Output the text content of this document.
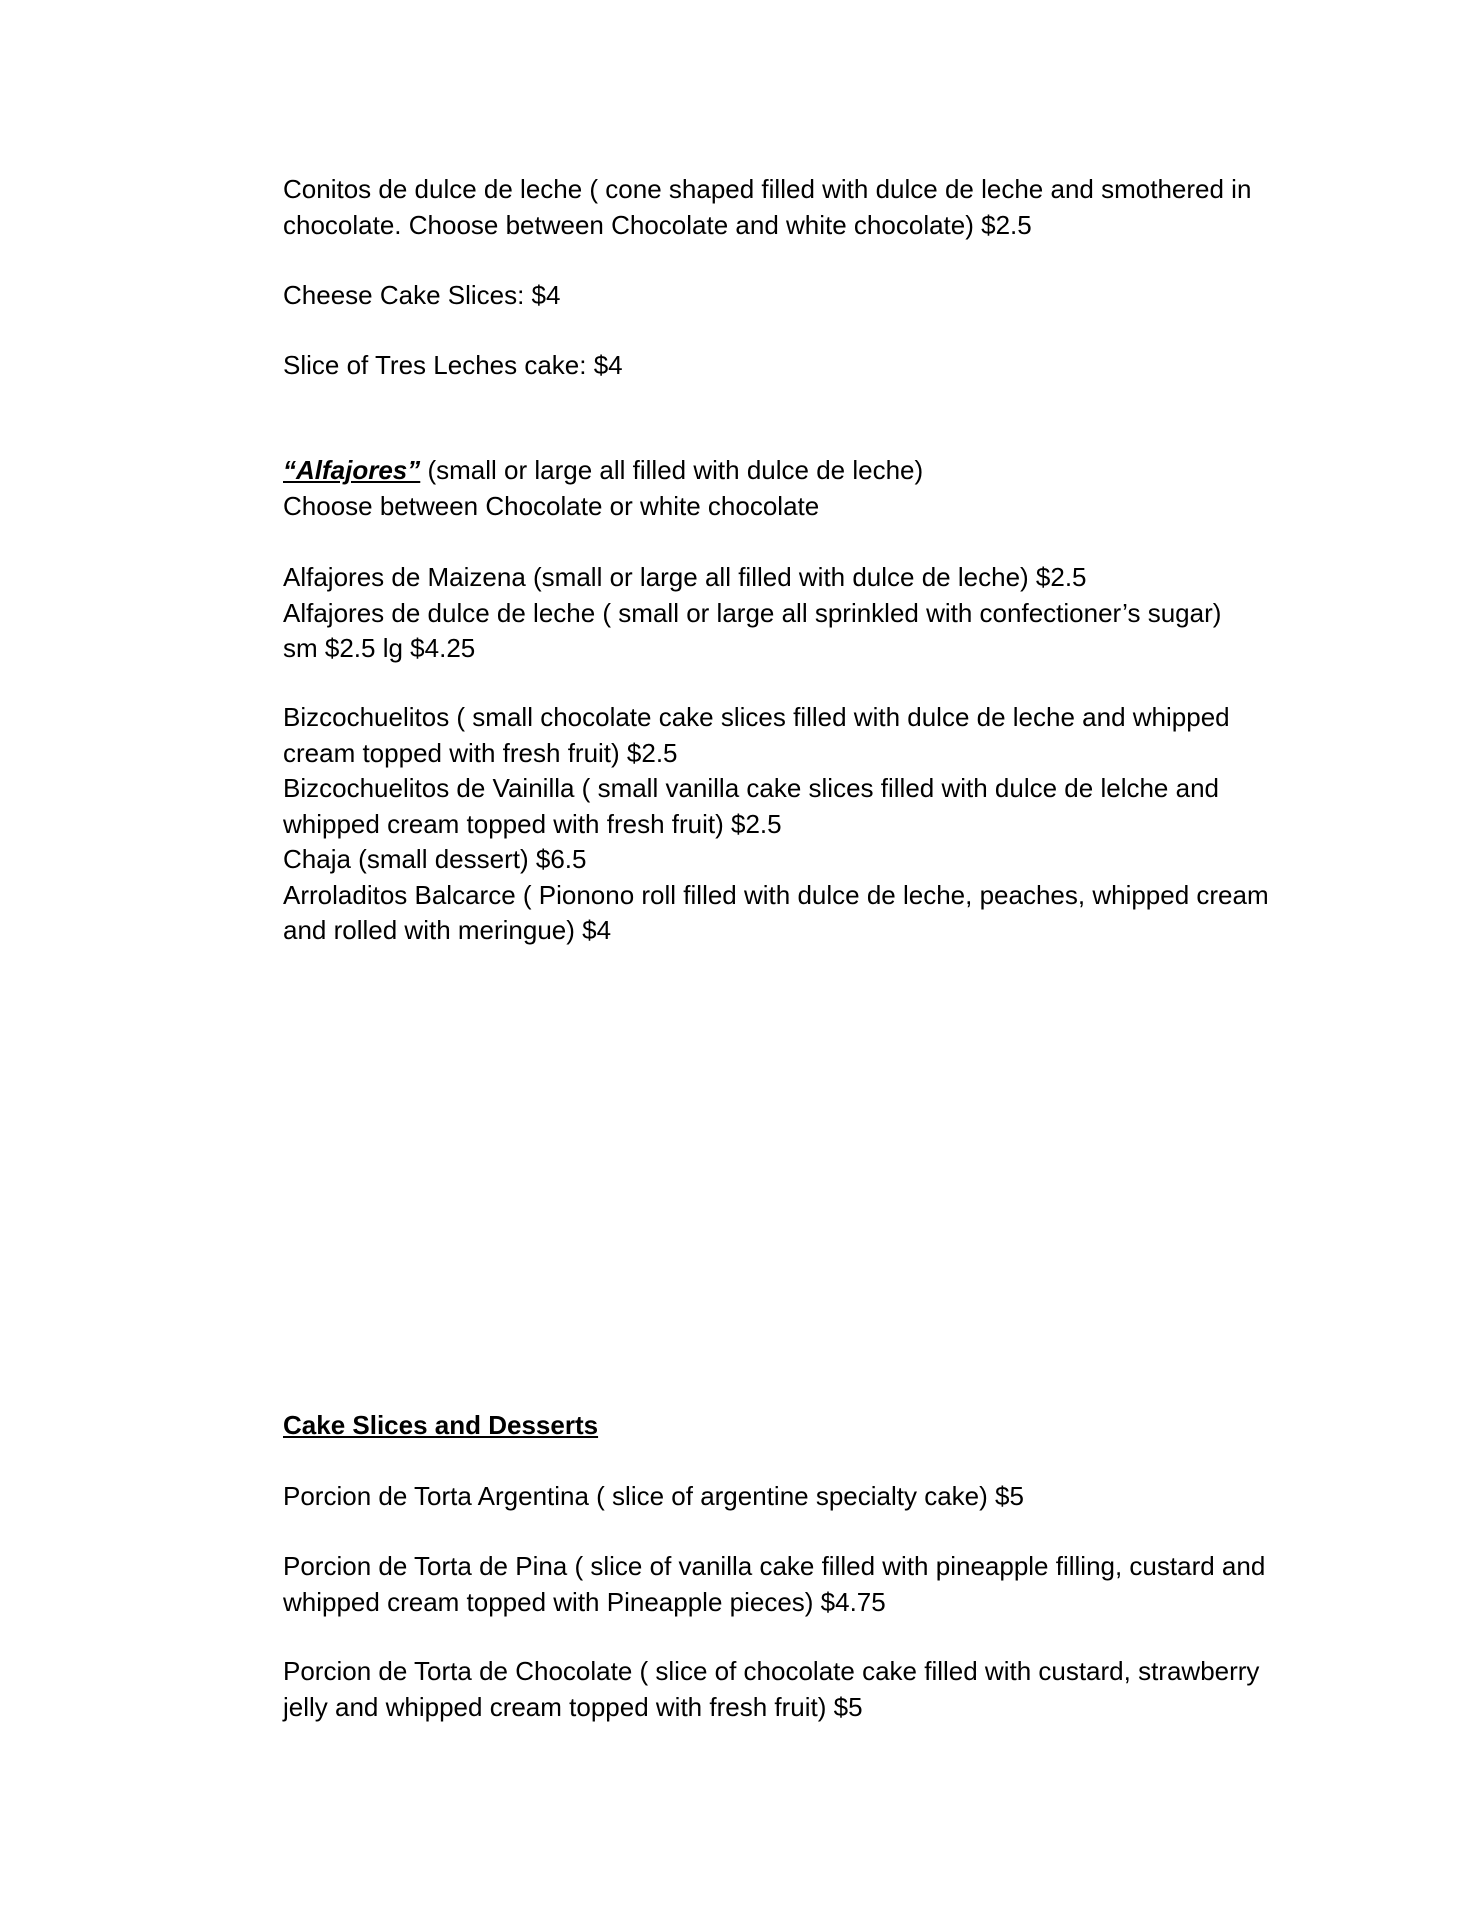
Conitos de dulce de leche ( cone shaped filled with dulce de leche and smothered in
chocolate. Choose between Chocolate and white chocolate) $2.5
Cheese Cake Slices: $4
Slice of Tres Leches cake: $4
“Alfajores” (small or large all filled with dulce de leche)
Choose between Chocolate or white chocolate
Alfajores de Maizena (small or large all filled with dulce de leche) $2.5
Alfajores de dulce de leche ( small or large all sprinkled with confectioner’s sugar)
sm $2.5 lg $4.25
Bizcochuelitos ( small chocolate cake slices filled with dulce de leche and whipped
cream topped with fresh fruit) $2.5
Bizcochuelitos de Vainilla ( small vanilla cake slices filled with dulce de lelche and
whipped cream topped with fresh fruit) $2.5
Chaja (small dessert) $6.5
Arroladitos Balcarce ( Pionono roll filled with dulce de leche, peaches, whipped cream
and rolled with meringue) $4
Cake Slices and Desserts
Porcion de Torta Argentina ( slice of argentine specialty cake) $5
Porcion de Torta de Pina ( slice of vanilla cake filled with pineapple filling, custard and
whipped cream topped with Pineapple pieces) $4.75
Porcion de Torta de Chocolate ( slice of chocolate cake filled with custard, strawberry
jelly and whipped cream topped with fresh fruit) $5
